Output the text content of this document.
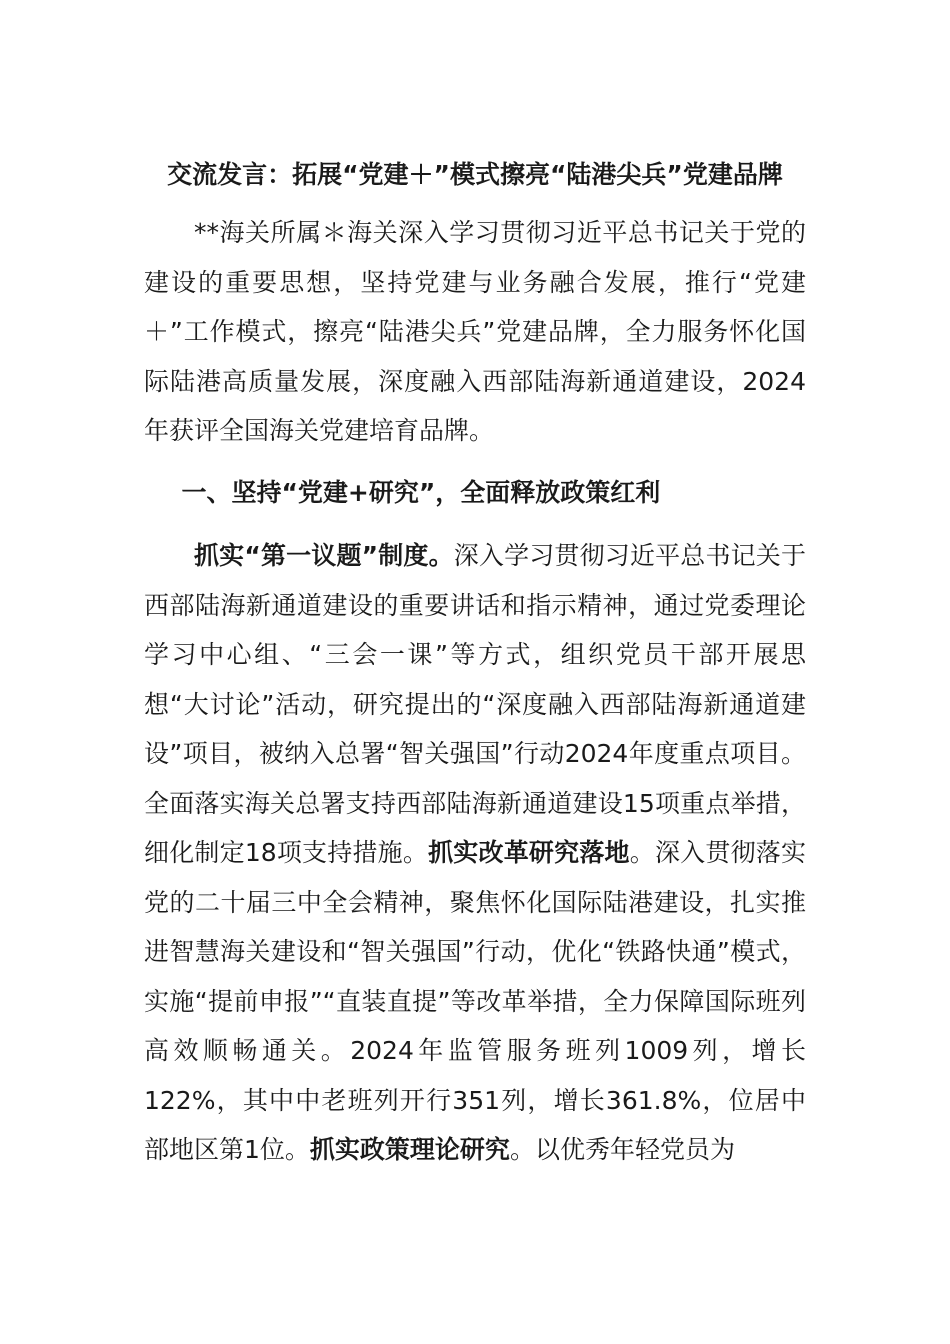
交流发言：拓展“党建＋”模式擦亮“陆港尖兵”党建品牌

**海关所属＊海关深入学习贯彻习近平总书记关于党的建设的重要思想，坚持党建与业务融合发展，推行“党建＋”工作模式，擦亮“陆港尖兵”党建品牌，全力服务怀化国际陆港高质量发展，深度融入西部陆海新通道建设，2024年获评全国海关党建培育品牌。

一、坚持“党建+研究”，全面释放政策红利

抓实“第一议题”制度。深入学习贯彻习近平总书记关于西部陆海新通道建设的重要讲话和指示精神，通过党委理论学习中心组、“三会一课”等方式，组织党员干部开展思想“大讨论”活动，研究提出的“深度融入西部陆海新通道建设”项目，被纳入总署“智关强国”行动2024年度重点项目。全面落实海关总署支持西部陆海新通道建设15项重点举措，细化制定18项支持措施。抓实改革研究落地。深入贯彻落实党的二十届三中全会精神，聚焦怀化国际陆港建设，扎实推进智慧海关建设和“智关强国”行动，优化“铁路快通”模式，实施“提前申报”“直装直提”等改革举措，全力保障国际班列高效顺畅通关。2024年监管服务班列1009列，增长122%，其中中老班列开行351列，增长361.8%，位居中部地区第1位。抓实政策理论研究。以优秀年轻党员为
